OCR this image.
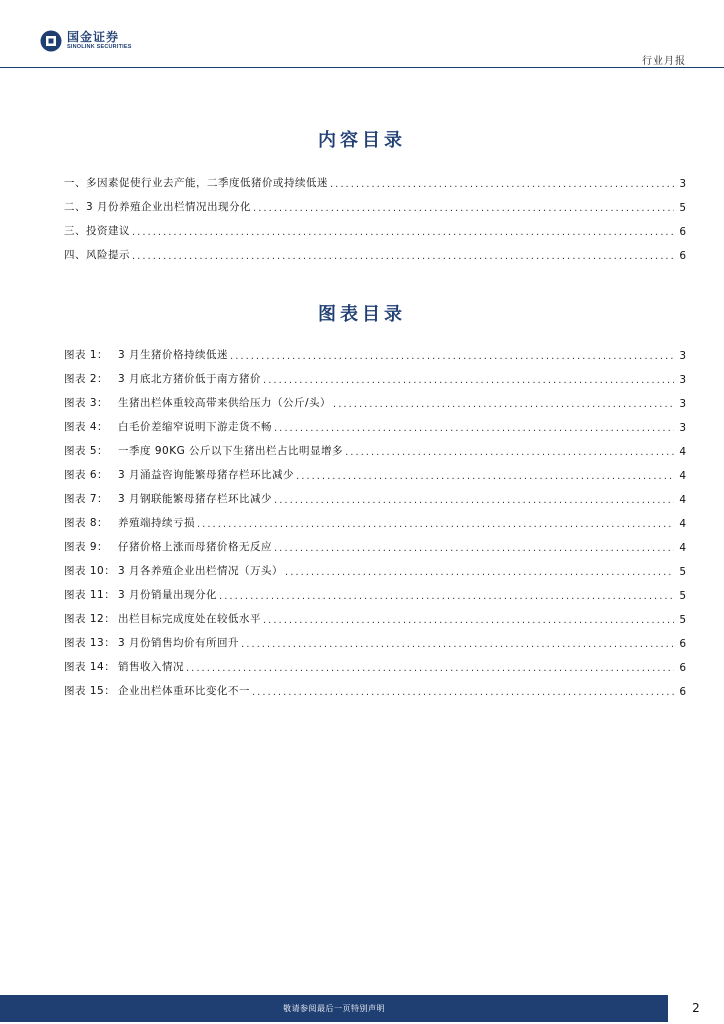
国金证券
SINOLINK SECURITIES
行业月报
内容目录
一、多因素促使行业去产能，二季度低猪价或持续低迷 .....	3
二、3 月份养殖企业出栏情况出现分化 .....	5
三、投资建议 .....	6
四、风险提示 .....	6
图表目录
图表 1： 3 月生猪价格持续低迷 .....	3
图表 2： 3 月底北方猪价低于南方猪价 .....	3
图表 3： 生猪出栏体重较高带来供给压力（公斤/头） .....	3
图表 4： 白毛价差缩窄说明下游走货不畅 .....	3
图表 5： 一季度 90KG 公斤以下生猪出栏占比明显增多 .....	4
图表 6： 3 月涌益咨询能繁母猪存栏环比减少 .....	4
图表 7： 3 月钢联能繁母猪存栏环比减少 .....	4
图表 8： 养殖端持续亏损 .....	4
图表 9： 仔猪价格上涨而母猪价格无反应 .....	4
图表 10： 3 月各养殖企业出栏情况（万头） .....	5
图表 11： 3 月份销量出现分化 .....	5
图表 12： 出栏目标完成度处在较低水平 .....	5
图表 13： 3 月份销售均价有所回升 .....	6
图表 14： 销售收入情况 .....	6
图表 15： 企业出栏体重环比变化不一 .....	6
敬请参阅最后一页特别声明	2
